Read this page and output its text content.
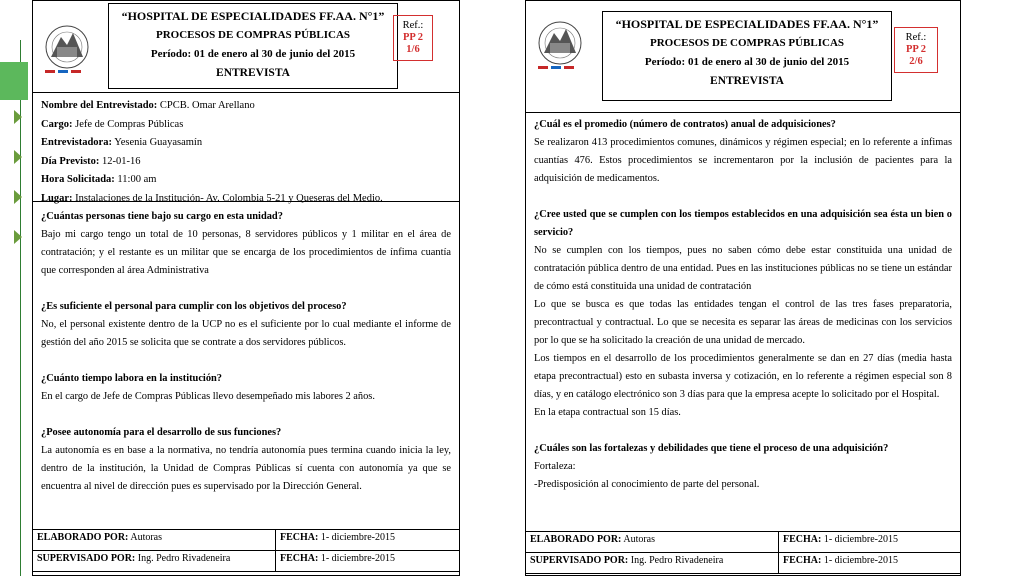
“HOSPITAL DE ESPECIALIDADES FF.AA. N°1”
PROCESOS DE COMPRAS PÚBLICAS
Período: 01 de enero al 30 de junio del 2015
ENTREVISTA
Ref.:
PP 2
1/6
Nombre del Entrevistado: CPCB. Omar Arellano
Cargo: Jefe de Compras Públicas
Entrevistadora: Yesenia Guayasamín
Día Previsto: 12-01-16
Hora Solicitada: 11:00 am
Lugar: Instalaciones de la Institución- Av. Colombia 5-21 y Queseras del Medio.
¿Cuántas personas tiene bajo su cargo en esta unidad?
Bajo mi cargo tengo un total de 10 personas, 8 servidores públicos y 1 militar en el área de contratación; y el restante es un militar que se encarga de los procedimientos de ínfima cuantía que corresponden al área Administrativa
¿Es suficiente el personal para cumplir con los objetivos del proceso?
No, el personal existente dentro de la UCP no es el suficiente por lo cual mediante el informe de gestión del año 2015 se solicita que se contrate a dos servidores públicos.
¿Cuánto tiempo labora en la institución?
En el cargo de Jefe de Compras Públicas llevo desempeñado mis labores 2 años.
¿Posee autonomía para el desarrollo de sus funciones?
La autonomía es en base a la normativa, no tendría autonomía pues termina cuando inicia la ley, dentro de la institución, la Unidad de Compras Públicas sí cuenta con autonomía ya que se encuentra al nivel de dirección pues es supervisado por la Dirección General.
ELABORADO POR: Autoras	FECHA: 1- diciembre-2015
SUPERVISADO POR: Ing. Pedro Rivadeneira	FECHA: 1- diciembre-2015
“HOSPITAL DE ESPECIALIDADES FF.AA. N°1”
PROCESOS DE COMPRAS PÚBLICAS
Período: 01 de enero al 30 de junio del 2015
ENTREVISTA
Ref.:
PP 2
2/6
¿Cuál es el promedio (número de contratos) anual de adquisiciones?
Se realizaron 413 procedimientos comunes, dinámicos y régimen especial; en lo referente a ínfimas cuantías 476. Estos procedimientos se incrementaron por la inclusión de pacientes para la adquisición de medicamentos.
¿Cree usted que se cumplen con los tiempos establecidos en una adquisición sea ésta un bien o servicio?
No se cumplen con los tiempos, pues no saben cómo debe estar constituida una unidad de contratación pública dentro de una entidad. Pues en las instituciones públicas no se tiene un estándar de cómo está constituida una unidad de contratación
Lo que se busca es que todas las entidades tengan el control de las tres fases preparatoria, precontractual y contractual. Lo que se necesita es separar las áreas de medicinas con los servicios por lo que se ha solicitado la creación de una unidad de mercado.
Los tiempos en el desarrollo de los procedimientos generalmente se dan en 27 días (media hasta etapa precontractual) esto en subasta inversa y cotización, en lo referente a régimen especial son 8 días, y en catálogo electrónico son 3 días para que la empresa acepte lo solicitado por el Hospital.
En la etapa contractual son 15 días.
¿Cuáles son las fortalezas y debilidades que tiene el proceso de una adquisición?
Fortaleza:
-Predisposición al conocimiento de parte del personal.
ELABORADO POR: Autoras	FECHA: 1- diciembre-2015
SUPERVISADO POR: Ing. Pedro Rivadeneira	FECHA: 1- diciembre-2015
